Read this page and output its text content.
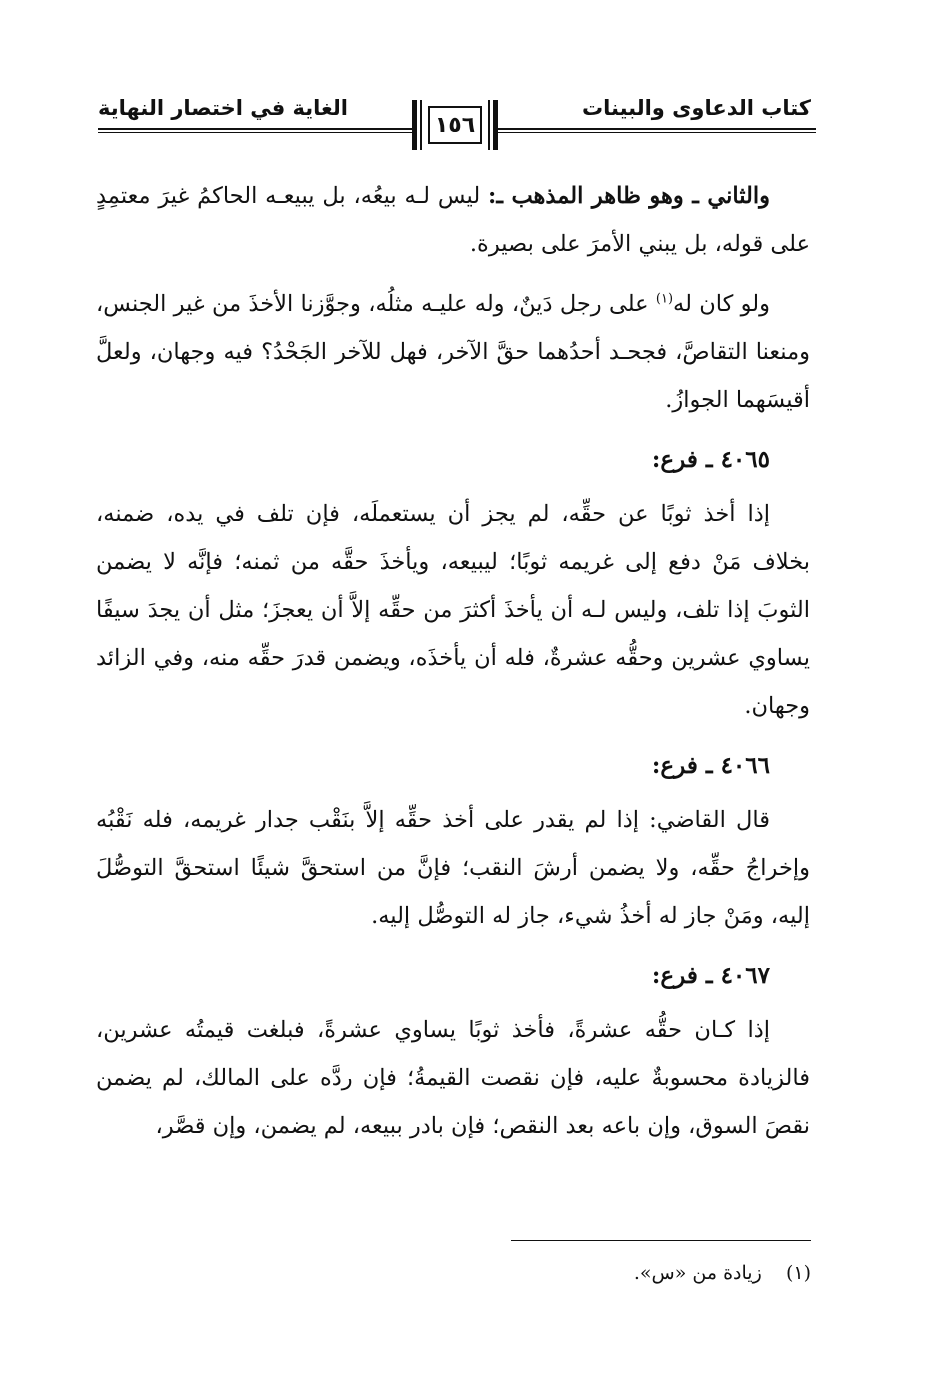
كتاب الدعاوى والبينات
الغاية في اختصار النهاية
١٥٦

والثاني ـ وهو ظاهر المذهب ـ: ليس لـه بيعُه، بل يبيعـه الحاكمُ غيرَ معتمِدٍ على قوله، بل يبني الأمرَ على بصيرة.

ولو كان له$^{(١)}$ على رجل دَينٌ، وله عليـه مثلُه، وجوَّزنا الأخذَ من غير الجنس، ومنعنا التقاصَّ، فجحـد أحدُهما حقَّ الآخر، فهل للآخر الجَحْدُ؟ فيه وجهان، ولعلَّ أقيسَهما الجوازُ.

٤٠٦٥ ـ فرع:

إذا أخذ ثوبًا عن حقِّه، لم يجز أن يستعملَه، فإن تلف في يده، ضمنه، بخلاف مَنْ دفع إلى غريمه ثوبًا؛ ليبيعه، ويأخذَ حقَّه من ثمنه؛ فإنَّه لا يضمن الثوبَ إذا تلف، وليس لـه أن يأخذَ أكثرَ من حقِّه إلاَّ أن يعجزَ؛ مثل أن يجدَ سيفًا يساوي عشرين وحقُّه عشرةٌ، فله أن يأخذَه، ويضمن قدرَ حقِّه منه، وفي الزائد وجهان.

٤٠٦٦ ـ فرع:

قال القاضي: إذا لم يقدر على أخذ حقِّه إلاَّ بنَقْب جدار غريمه، فله نَقْبُه وإخراجُ حقِّه، ولا يضمن أرشَ النقب؛ فإنَّ من استحقَّ شيئًا استحقَّ التوصُّلَ إليه، ومَنْ جاز له أخذُ شيء، جاز له التوصُّل إليه.

٤٠٦٧ ـ فرع:

إذا كـان حقُّه عشرةً، فأخذ ثوبًا يساوي عشرةً، فبلغت قيمتُه عشرين، فالزيادة محسوبةٌ عليه، فإن نقصت القيمةُ؛ فإن ردَّه على المالك، لم يضمن نقصَ السوق، وإن باعه بعد النقص؛ فإن بادر ببيعه، لم يضمن، وإن قصَّر،

(١)    زيادة من «س».
